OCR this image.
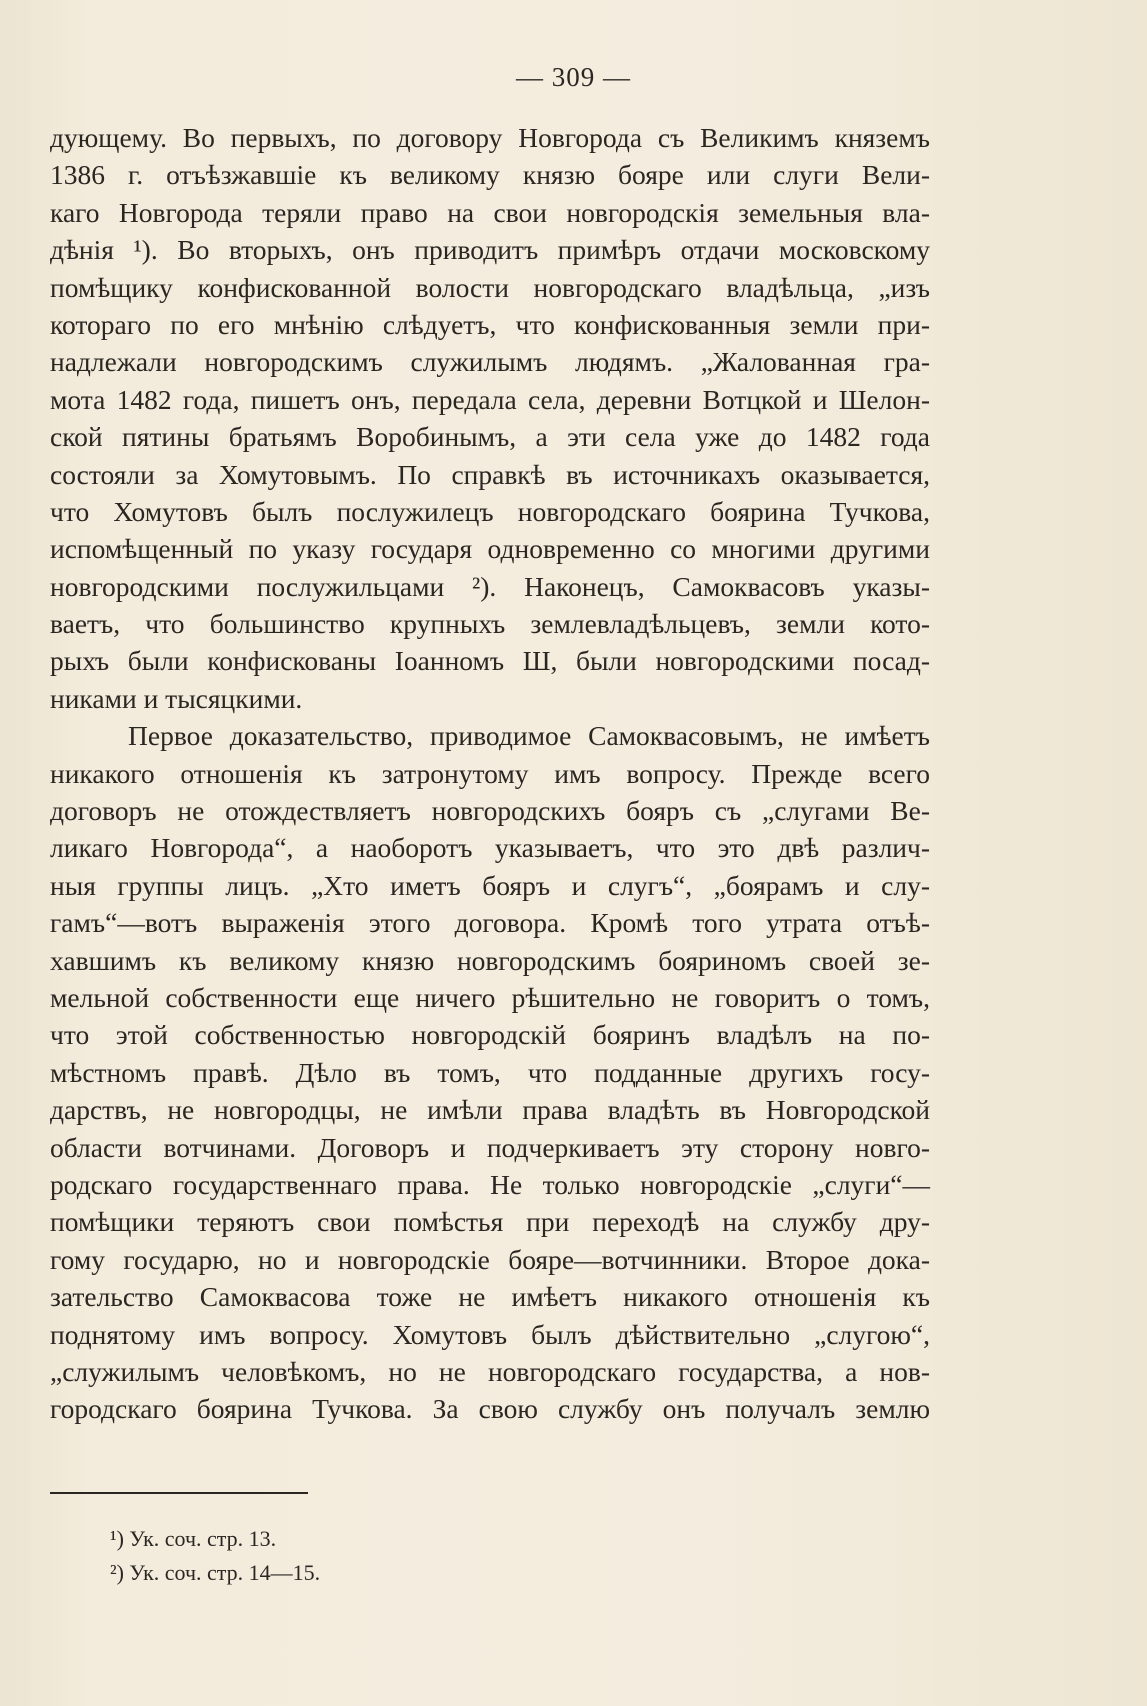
— 309 —
дующему. Во первыхъ, по договору Новгорода съ Великимъ княземъ
1386 г. отъѣзжавшіе къ великому князю бояре или слуги Вели-
каго Новгорода теряли право на свои новгородскія земельныя вла-
дѣнія ¹). Во вторыхъ, онъ приводитъ примѣръ отдачи московскому
помѣщику конфискованной волости новгородскаго владѣльца, „изъ
котораго по его мнѣнію слѣдуетъ, что конфискованныя земли при-
надлежали новгородскимъ служилымъ людямъ. „Жалованная гра-
мота 1482 года, пишетъ онъ, передала села, деревни Вотцкой и Шелон-
ской пятины братьямъ Воробинымъ, а эти села уже до 1482 года
состояли за Хомутовымъ. По справкѣ въ источникахъ оказывается,
что Хомутовъ былъ послужилецъ новгородскаго боярина Тучкова,
испомѣщенный по указу государя одновременно со многими другими
новгородскими послужильцами ²). Наконецъ, Самоквасовъ указы-
ваетъ, что большинство крупныхъ землевладѣльцевъ, земли кото-
рыхъ были конфискованы Іоанномъ Ш, были новгородскими посад-
никами и тысяцкими.
Первое доказательство, приводимое Самоквасовымъ, не имѣетъ
никакого отношенія къ затронутому имъ вопросу. Прежде всего
договоръ не отождествляетъ новгородскихъ бояръ съ „слугами Ве-
ликаго Новгорода“, а наоборотъ указываетъ, что это двѣ различ-
ныя группы лицъ. „Хто иметъ бояръ и слугъ“, „боярамъ и слу-
гамъ“—вотъ выраженія этого договора. Кромѣ того утрата отъѣ-
хавшимъ къ великому князю новгородскимъ бояриномъ своей зе-
мельной собственности еще ничего рѣшительно не говоритъ о томъ,
что этой собственностью новгородскій бояринъ владѣлъ на по-
мѣстномъ правѣ. Дѣло въ томъ, что подданные другихъ госу-
дарствъ, не новгородцы, не имѣли права владѣть въ Новгородской
области вотчинами. Договоръ и подчеркиваетъ эту сторону новго-
родскаго государственнаго права. Не только новгородскіе „слуги“—
помѣщики теряютъ свои помѣстья при переходѣ на службу дру-
гому государю, но и новгородскіе бояре—вотчинники. Второе дока-
зательство Самоквасова тоже не имѣетъ никакого отношенія къ
поднятому имъ вопросу. Хомутовъ былъ дѣйствительно „слугою“,
„служилымъ человѣкомъ, но не новгородскаго государства, а нов-
городскаго боярина Тучкова. За свою службу онъ получалъ землю
¹) Ук. соч. стр. 13.
²) Ук. соч. стр. 14—15.
